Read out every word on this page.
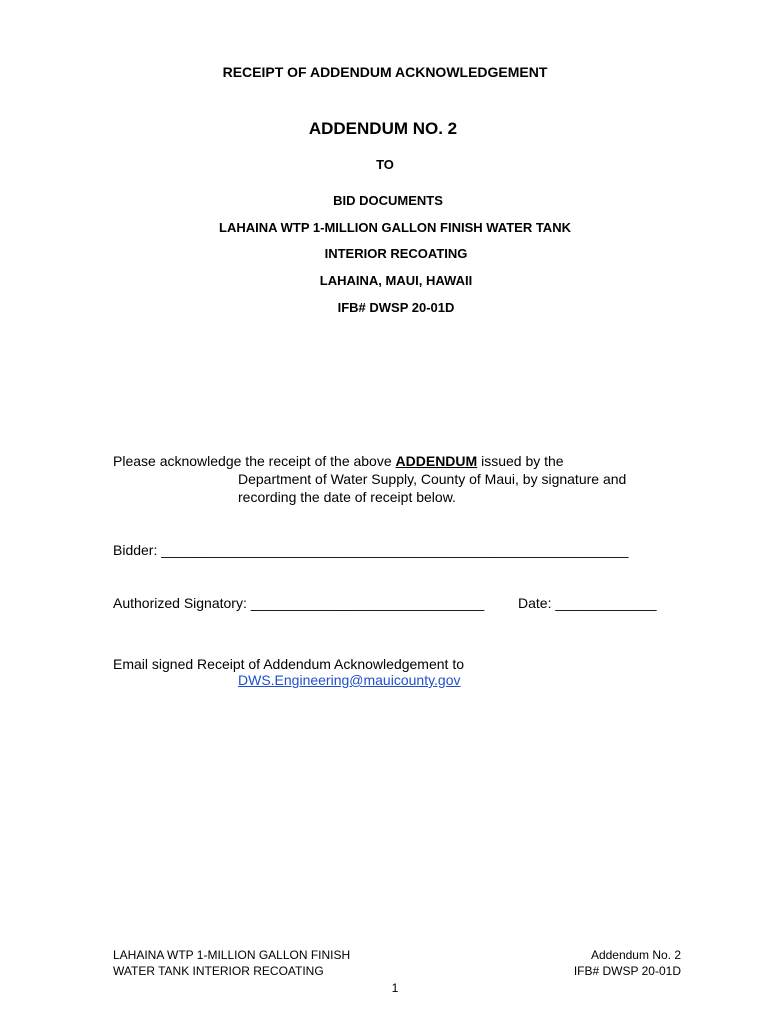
RECEIPT OF ADDENDUM ACKNOWLEDGEMENT
ADDENDUM NO. 2
TO
BID DOCUMENTS
LAHAINA WTP 1-MILLION GALLON FINISH WATER TANK
INTERIOR RECOATING
LAHAINA, MAUI, HAWAII
IFB# DWSP 20-01D
Please acknowledge the receipt of the above ADDENDUM issued by the
Department of Water Supply, County of Maui, by signature and
recording the date of receipt below.
Bidder: ____________________________________________________________
Authorized Signatory: ______________________________ Date: _____________
Email signed Receipt of Addendum Acknowledgement to
DWS.Engineering@mauicounty.gov
LAHAINA WTP 1-MILLION GALLON FINISH
WATER TANK INTERIOR RECOATING
Addendum No. 2
IFB# DWSP 20-01D
1
